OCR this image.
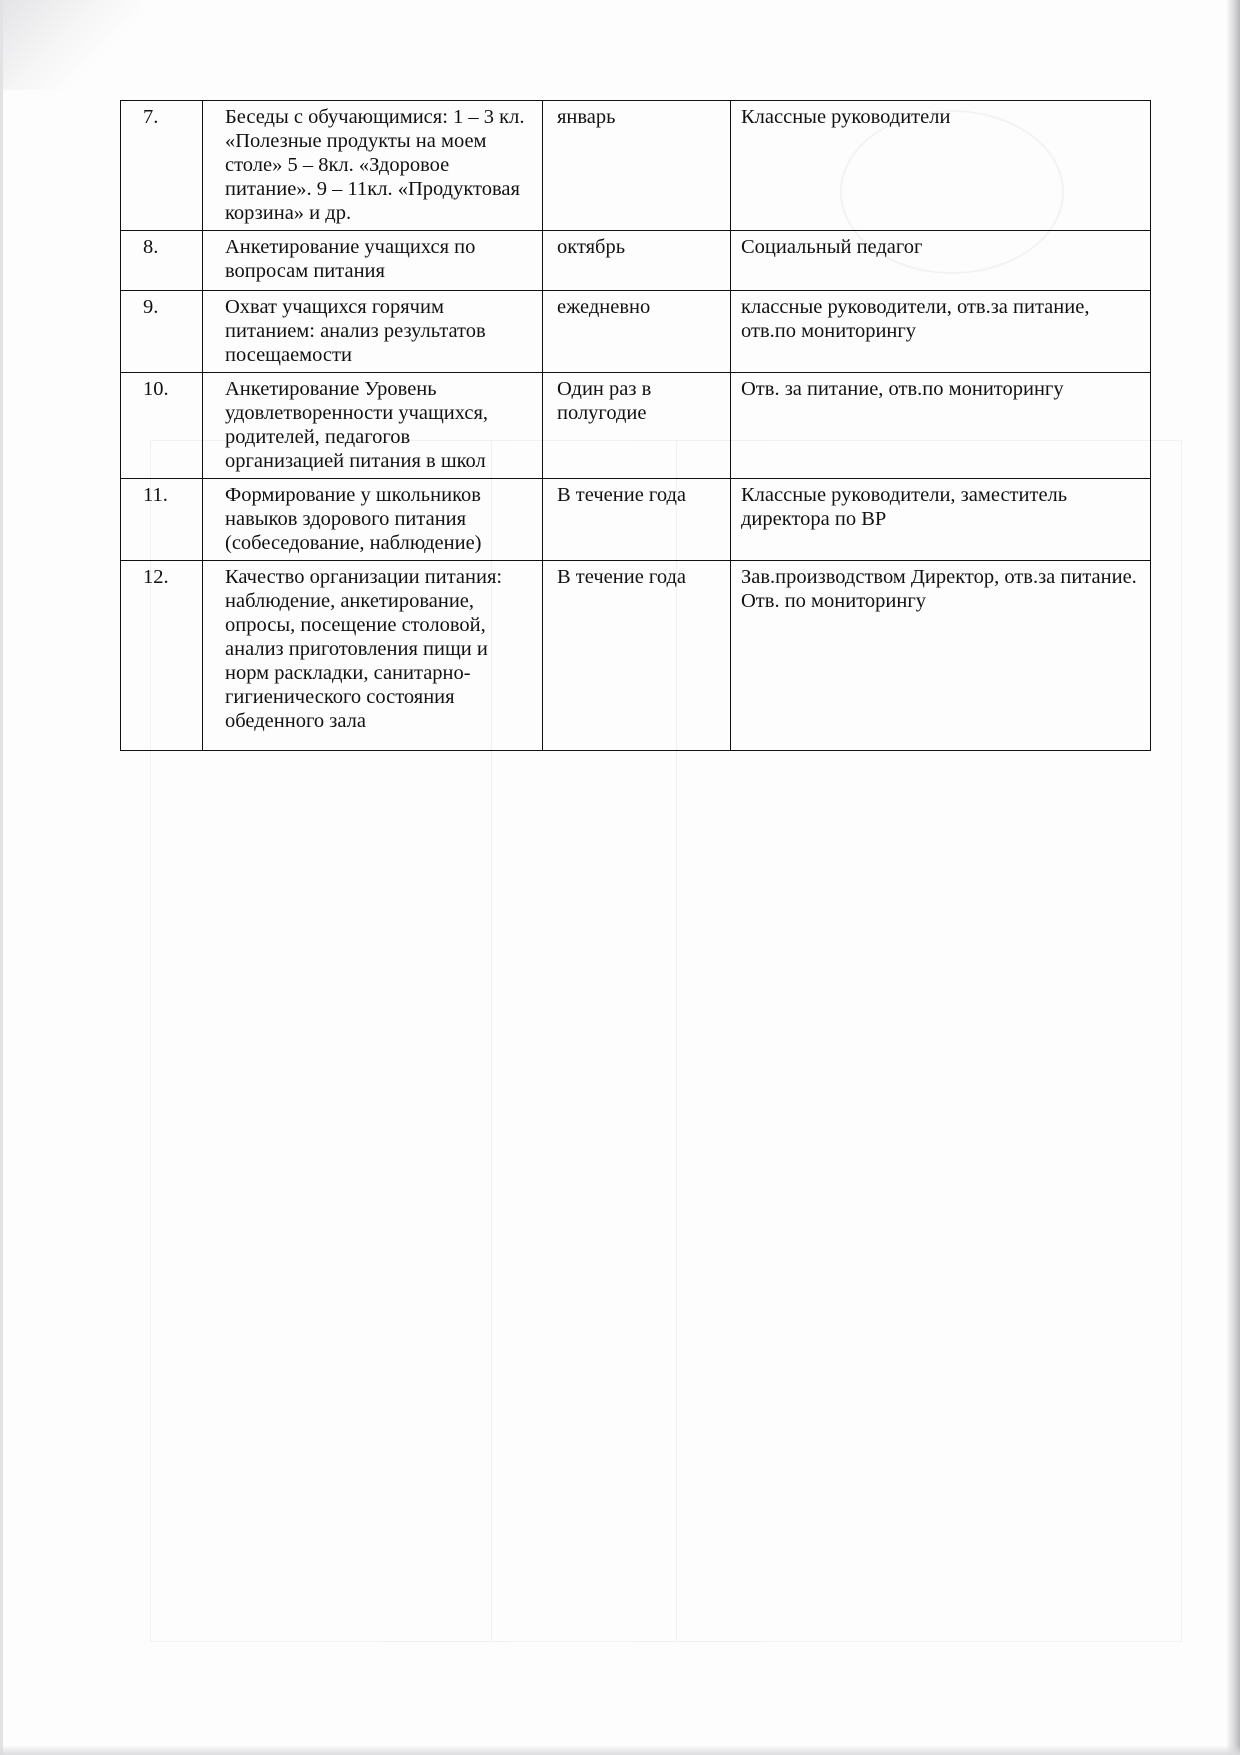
7.	Беседы с обучающимися: 1 – 3 кл. «Полезные продукты на моем столе» 5 – 8кл. «Здоровое питание». 9 – 11кл. «Продуктовая корзина» и др.	январь	Классные руководители
8.	Анкетирование учащихся по вопросам питания	октябрь	Социальный педагог
9.	Охват учащихся горячим питанием: анализ результатов посещаемости	ежедневно	классные руководители, отв.за питание, отв.по мониторингу
10.	Анкетирование Уровень удовлетворенности учащихся, родителей, педагогов организацией питания в школ	Один раз в полугодие	Отв. за питание, отв.по мониторингу
11.	Формирование у школьников навыков здорового питания (собеседование, наблюдение)	В течение года	Классные руководители, заместитель директора по ВР
12.	Качество организации питания: наблюдение, анкетирование, опросы, посещение столовой, анализ приготовления пищи и норм раскладки, санитарно-гигиенического состояния обеденного зала	В течение года	Зав.производством Директор, отв.за питание. Отв. по мониторингу
